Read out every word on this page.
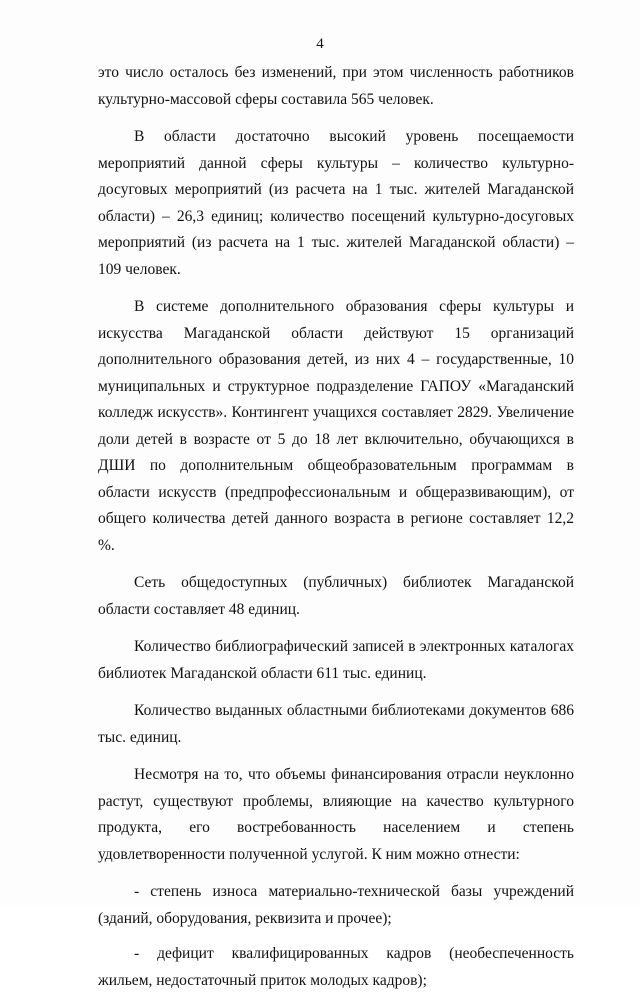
4

это число осталось без изменений, при этом численность работников культурно-массовой сферы составила 565 человек.

В области достаточно высокий уровень посещаемости мероприятий данной сферы культуры – количество культурно-досуговых мероприятий (из расчета на 1 тыс. жителей Магаданской области) – 26,3 единиц; количество посещений культурно-досуговых мероприятий (из расчета на 1 тыс. жителей Магаданской области) – 109 человек.

В системе дополнительного образования сферы культуры и искусства Магаданской области действуют 15 организаций дополнительного образования детей, из них 4 – государственные, 10 муниципальных и структурное подразделение ГАПОУ «Магаданский колледж искусств». Контингент учащихся составляет 2829. Увеличение доли детей в возрасте от 5 до 18 лет включительно, обучающихся в ДШИ по дополнительным общеобразовательным программам в области искусств (предпрофессиональным и общеразвивающим), от общего количества детей данного возраста в регионе составляет 12,2 %.

Сеть общедоступных (публичных) библиотек Магаданской области составляет 48 единиц.

Количество библиографический записей в электронных каталогах библиотек Магаданской области 611 тыс. единиц.

Количество выданных областными библиотеками документов 686 тыс. единиц.

Несмотря на то, что объемы финансирования отрасли неуклонно растут, существуют проблемы, влияющие на качество культурного продукта, его востребованность населением и степень удовлетворенности полученной услугой. К ним можно отнести:

- степень износа материально-технической базы учреждений (зданий, оборудования, реквизита и прочее);

- дефицит квалифицированных кадров (необеспеченность жильем, недостаточный приток молодых кадров);
